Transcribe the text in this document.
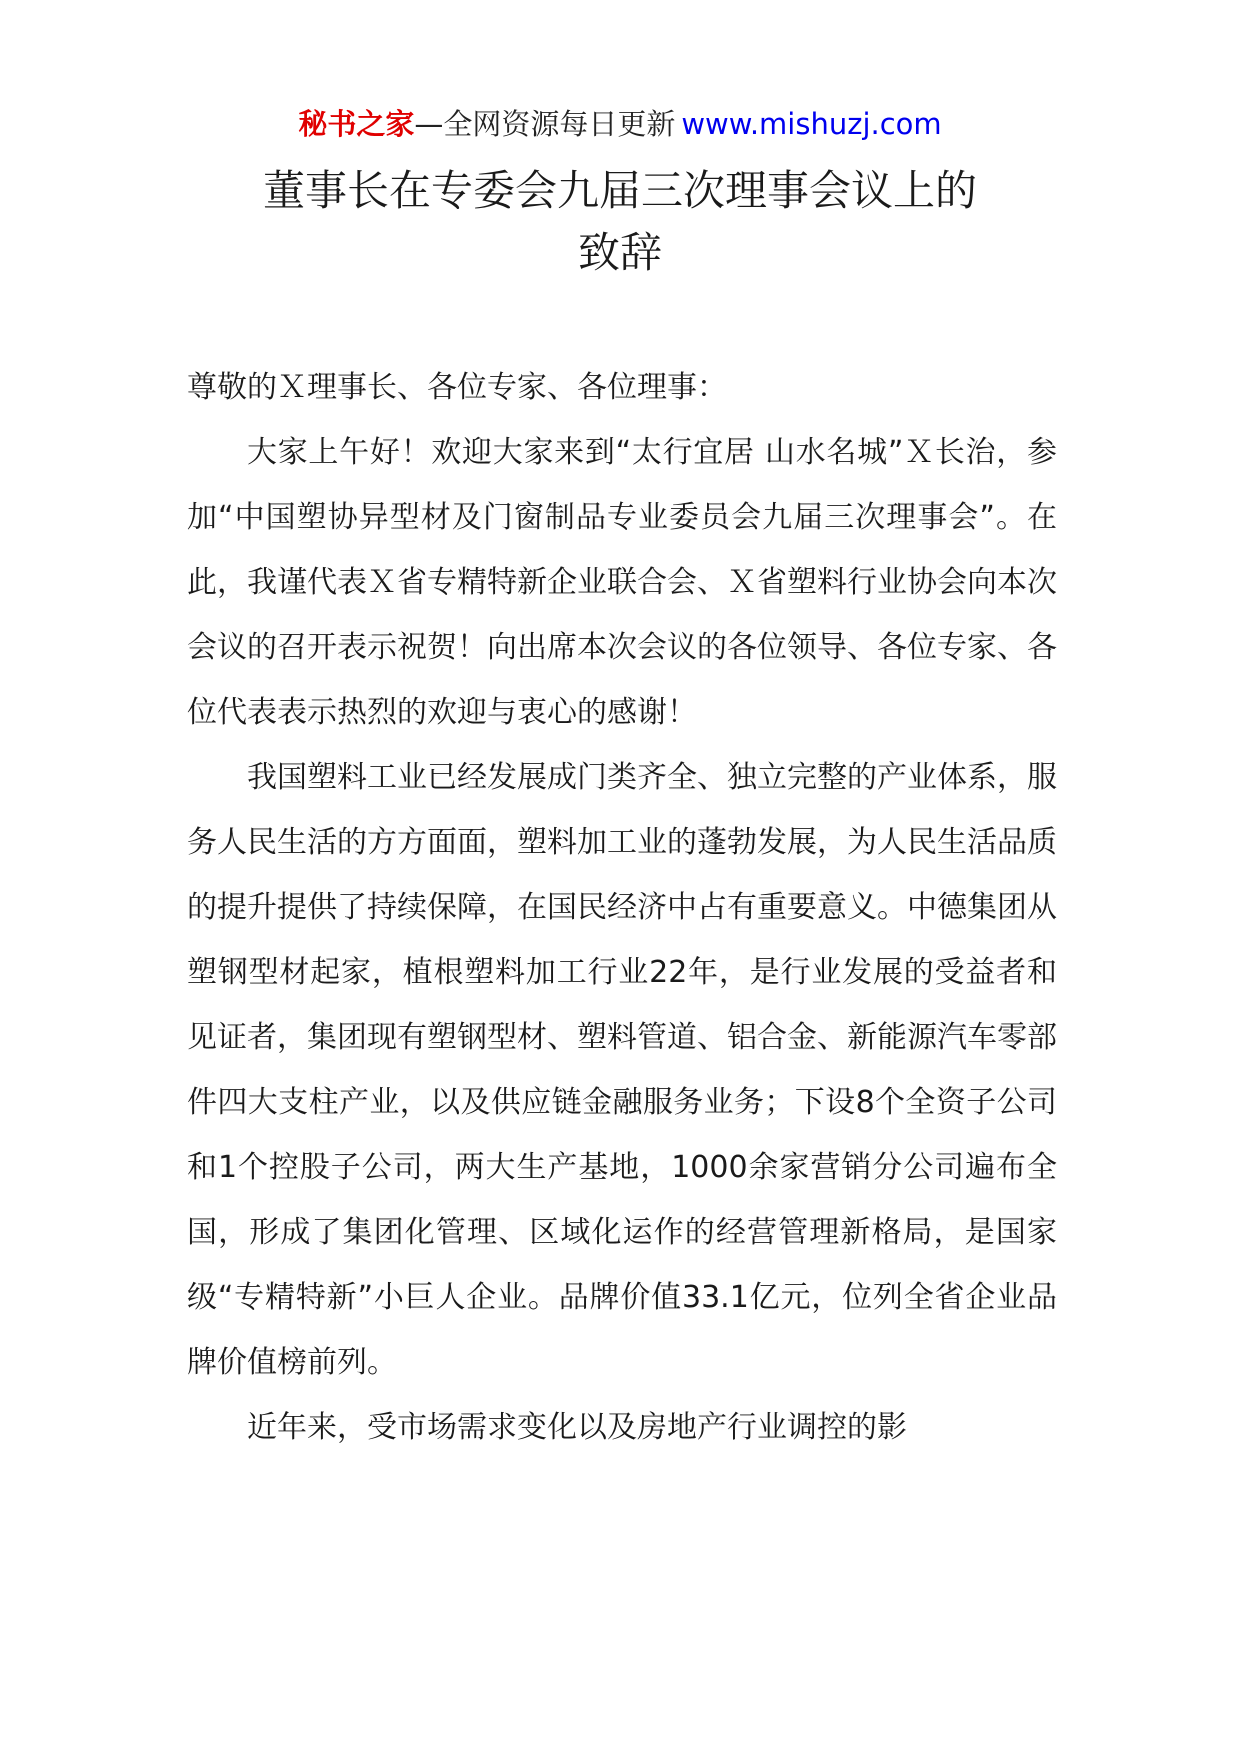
秘书之家—全网资源每日更新 www.mishuzj.com
董事长在专委会九届三次理事会议上的
致辞

尊敬的Ｘ理事长、各位专家、各位理事：

大家上午好！欢迎大家来到“太行宜居 山水名城”Ｘ长治，参加“中国塑协异型材及门窗制品专业委员会九届三次理事会”。在此，我谨代表Ｘ省专精特新企业联合会、Ｘ省塑料行业协会向本次会议的召开表示祝贺！向出席本次会议的各位领导、各位专家、各位代表表示热烈的欢迎与衷心的感谢！

我国塑料工业已经发展成门类齐全、独立完整的产业体系，服务人民生活的方方面面，塑料加工业的蓬勃发展，为人民生活品质的提升提供了持续保障，在国民经济中占有重要意义。中德集团从塑钢型材起家，植根塑料加工行业22年，是行业发展的受益者和见证者，集团现有塑钢型材、塑料管道、铝合金、新能源汽车零部件四大支柱产业，以及供应链金融服务业务；下设8个全资子公司和1个控股子公司，两大生产基地，1000余家营销分公司遍布全国，形成了集团化管理、区域化运作的经营管理新格局，是国家级“专精特新”小巨人企业。品牌价值33.1亿元，位列全省企业品牌价值榜前列。

近年来，受市场需求变化以及房地产行业调控的影
